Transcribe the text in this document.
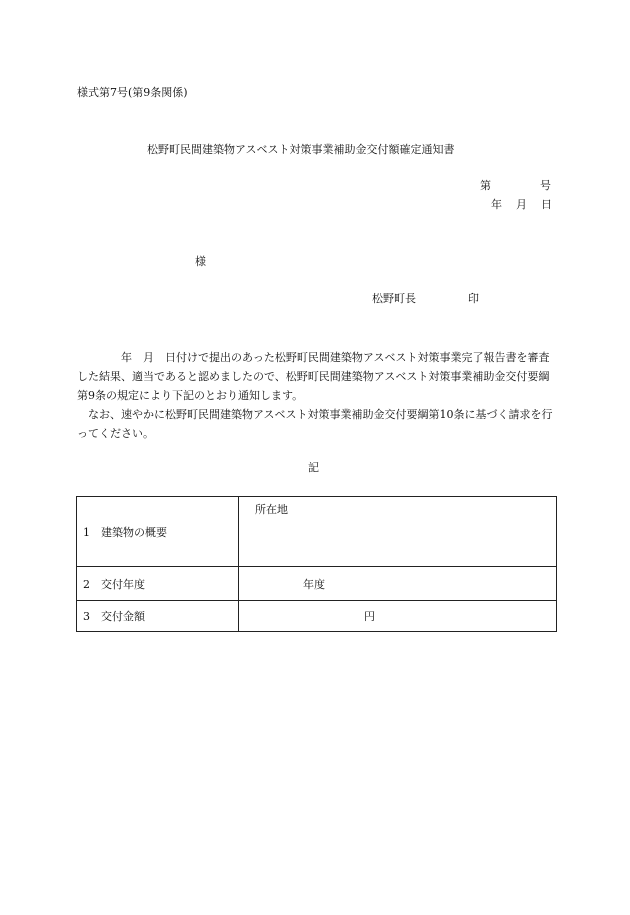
様式第7号(第9条関係)
松野町民間建築物アスベスト対策事業補助金交付額確定通知書
第	号
年 月 日
様
松野町長	印

　　　　年　月　日付けで提出のあった松野町民間建築物アスベスト対策事業完了報告書を審査した結果、適当であると認めましたので、松野町民間建築物アスベスト対策事業補助金交付要綱第9条の規定により下記のとおり通知します。

　なお、速やかに松野町民間建築物アスベスト対策事業補助金交付要綱第10条に基づく請求を行ってください。

記
1 建築物の概要	所在地
2 交付年度	年度
3 交付金額	円
